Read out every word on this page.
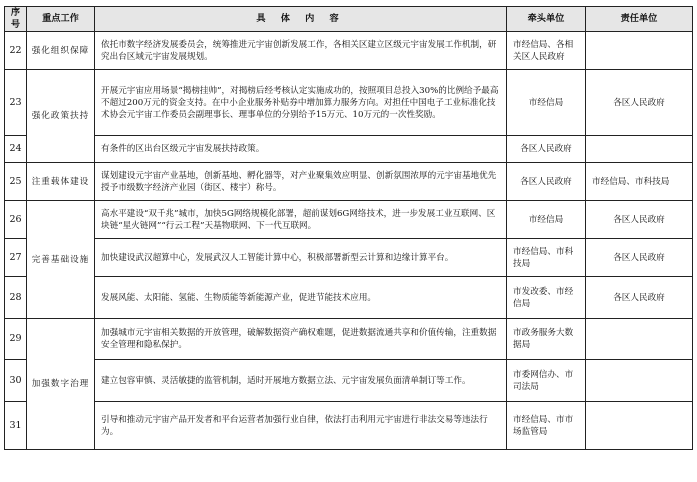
序号	重点工作	具 体 内 容	牵头单位	责任单位
22	强化组织保障	依托市数字经济发展委员会，统筹推进元宇宙创新发展工作，各相关区建立区级元宇宙发展工作机制，研究出台区域元宇宙发展规划。	市经信局、各相关区人民政府	
23	强化政策扶持	开展元宇宙应用场景“揭榜挂帅”，对揭榜后经考核认定实施成功的，按照项目总投入30%的比例给予最高不超过200万元的资金支持。在中小企业服务补贴券中增加算力服务方向。对担任中国电子工业标准化技术协会元宇宙工作委员会副理事长、理事单位的分别给予15万元、10万元的一次性奖励。	市经信局	各区人民政府
24		有条件的区出台区级元宇宙发展扶持政策。	各区人民政府	
25	注重载体建设	谋划建设元宇宙产业基地，创新基地、孵化器等，对产业聚集效应明显、创新氛围浓厚的元宇宙基地优先授予市级数字经济产业园（街区、楼宇）称号。	各区人民政府	市经信局、市科技局
26	完善基础设施	高水平建设“双千兆”城市，加快5G网络规模化部署，超前谋划6G网络技术，进一步发展工业互联网、区块链“星火链网”“行云工程”天基物联网、下一代互联网。	市经信局	各区人民政府
27		加快建设武汉超算中心，发展武汉人工智能计算中心，积极部署新型云计算和边缘计算平台。	市经信局、市科技局	各区人民政府
28		发展风能、太阳能、氢能、生物质能等新能源产业，促进节能技术应用。	市发改委、市经信局	各区人民政府
29	加强数字治理	加强城市元宇宙相关数据的开放管理，破解数据资产确权难题，促进数据流通共享和价值传输，注重数据安全管理和隐私保护。	市政务服务大数据局	
30		建立包容审慎、灵活敏捷的监管机制，适时开展地方数据立法、元宇宙发展负面清单制订等工作。	市委网信办、市司法局	
31		引导和推动元宇宙产品开发者和平台运营者加强行业自律，依法打击利用元宇宙进行非法交易等违法行为。	市经信局、市市场监管局	
